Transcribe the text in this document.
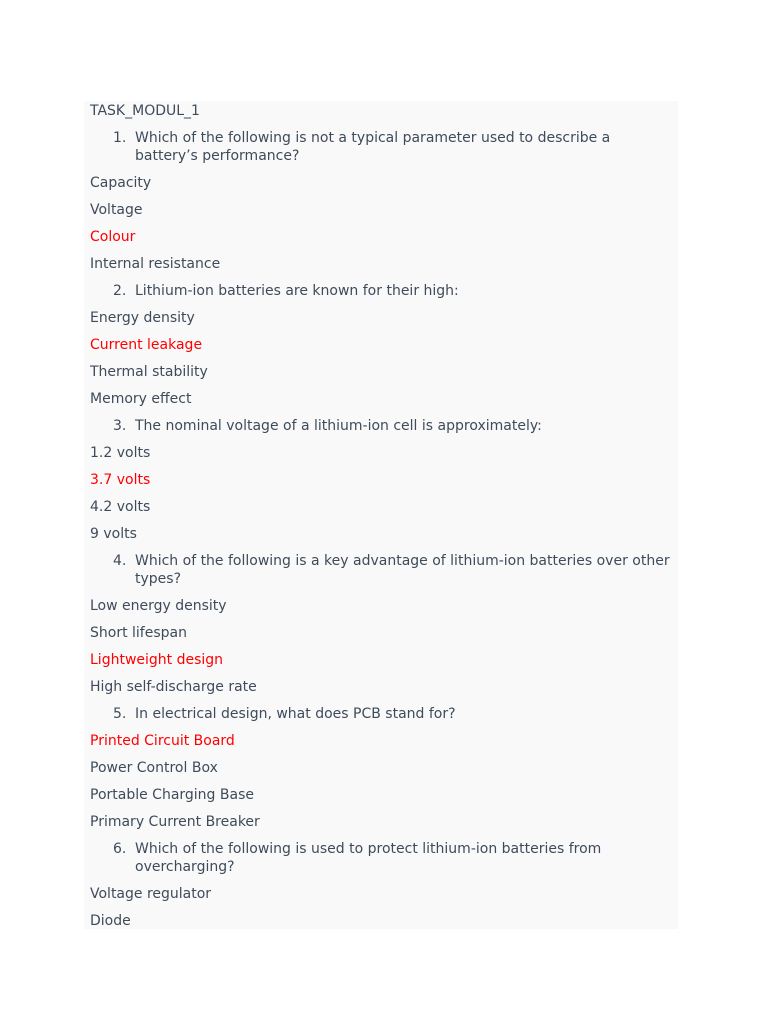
TASK_MODUL_1
1. Which of the following is not a typical parameter used to describe a battery’s performance?
Capacity
Voltage
Colour
Internal resistance
2. Lithium-ion batteries are known for their high:
Energy density
Current leakage
Thermal stability
Memory effect
3. The nominal voltage of a lithium-ion cell is approximately:
1.2 volts
3.7 volts
4.2 volts
9 volts
4. Which of the following is a key advantage of lithium-ion batteries over other types?
Low energy density
Short lifespan
Lightweight design
High self-discharge rate
5. In electrical design, what does PCB stand for?
Printed Circuit Board
Power Control Box
Portable Charging Base
Primary Current Breaker
6. Which of the following is used to protect lithium-ion batteries from overcharging?
Voltage regulator
Diode
